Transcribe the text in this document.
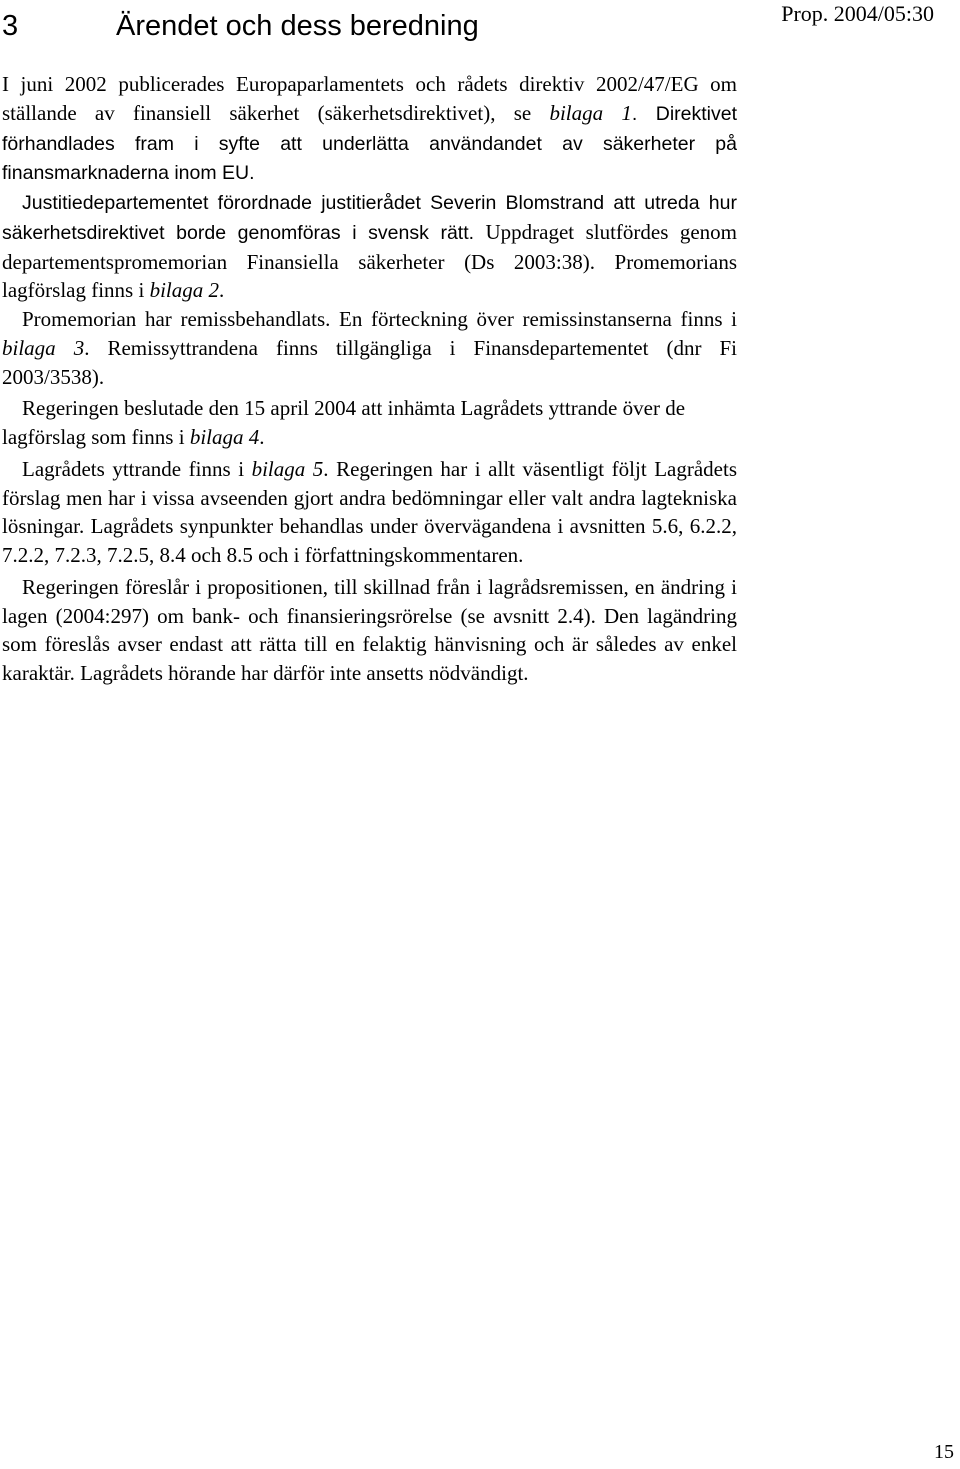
3	Ärendet och dess beredning	Prop. 2004/05:30

I juni 2002 publicerades Europaparlamentets och rådets direktiv 2002/47/EG om ställande av finansiell säkerhet (säkerhetsdirektivet), se bilaga 1. Direktivet förhandlades fram i syfte att underlätta användandet av säkerheter på finansmarknaderna inom EU.

Justitiedepartementet förordnade justitierådet Severin Blomstrand att utreda hur säkerhetsdirektivet borde genomföras i svensk rätt. Uppdraget slutfördes genom departementspromemorian Finansiella säkerheter (Ds 2003:38). Promemorians lagförslag finns i bilaga 2.

Promemorian har remissbehandlats. En förteckning över remissinstanserna finns i bilaga 3. Remissyttrandena finns tillgängliga i Finansdepartementet (dnr Fi 2003/3538).

Regeringen beslutade den 15 april 2004 att inhämta Lagrådets yttrande över de lagförslag som finns i bilaga 4.

Lagrådets yttrande finns i bilaga 5. Regeringen har i allt väsentligt följt Lagrådets förslag men har i vissa avseenden gjort andra bedömningar eller valt andra lagtekniska lösningar. Lagrådets synpunkter behandlas under övervägandena i avsnitten 5.6, 6.2.2, 7.2.2, 7.2.3, 7.2.5, 8.4 och 8.5 och i författningskommentaren.

Regeringen föreslår i propositionen, till skillnad från i lagrådsremissen, en ändring i lagen (2004:297) om bank- och finansieringsrörelse (se avsnitt 2.4). Den lagändring som föreslås avser endast att rätta till en felaktig hänvisning och är således av enkel karaktär. Lagrådets hörande har därför inte ansetts nödvändigt.

15
